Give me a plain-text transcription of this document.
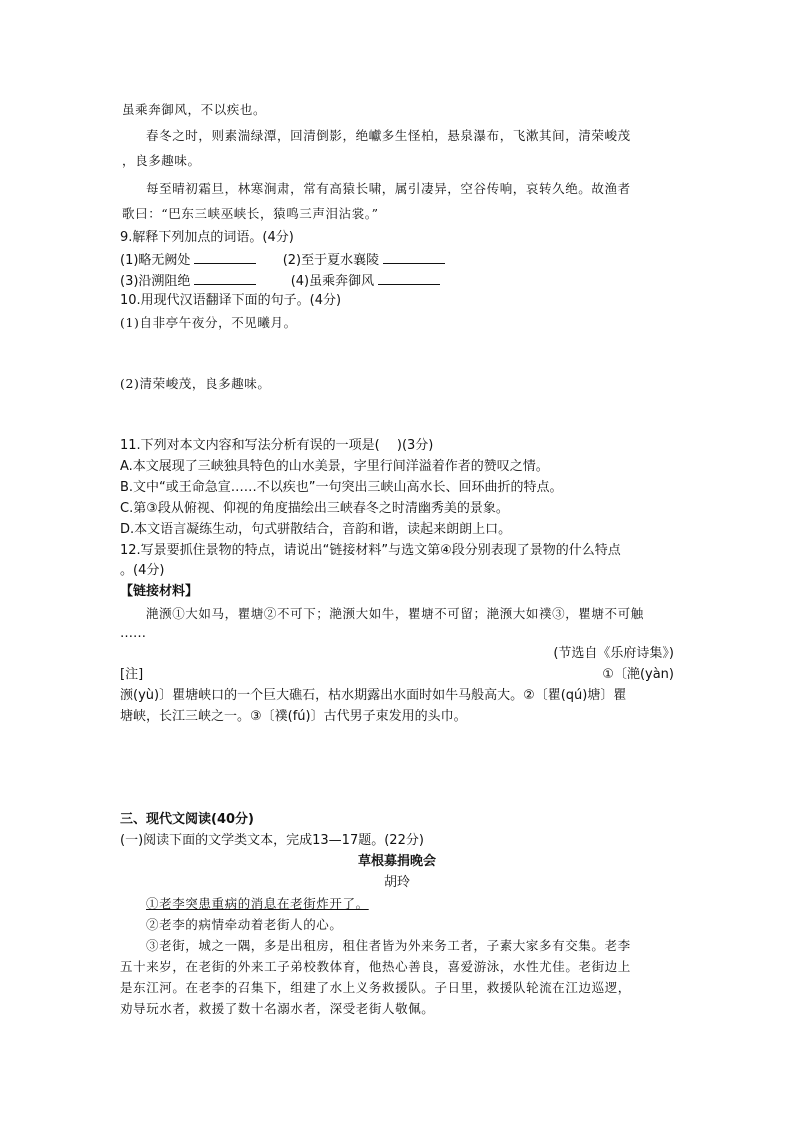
虽乘奔御风，不以疾也。
春冬之时，则素湍绿潭，回清倒影，绝巘多生怪柏，悬泉瀑布，飞漱其间，清荣峻茂
，良多趣味。
每至晴初霜旦，林寒涧肃，常有高猿长啸，属引凄异，空谷传响，哀转久绝。故渔者
歌曰：“巴东三峡巫峡长，猿鸣三声泪沾裳。”
9.解释下列加点的词语。(4分)
(1)略无阙处	(2)至于夏水襄陵
(3)沿溯阻绝	(4)虽乘奔御风
10.用现代汉语翻译下面的句子。(4分)
(1)自非亭午夜分，不见曦月。
(2)清荣峻茂，良多趣味。
11.下列对本文内容和写法分析有误的一项是(　 )(3分)
A.本文展现了三峡独具特色的山水美景，字里行间洋溢着作者的赞叹之情。
B.文中“或王命急宣……不以疾也”一句突出三峡山高水长、回环曲折的特点。
C.第③段从俯视、仰视的角度描绘出三峡春冬之时清幽秀美的景象。
D.本文语言凝练生动，句式骈散结合，音韵和谐，读起来朗朗上口。
12.写景要抓住景物的特点，请说出“链接材料”与选文第④段分别表现了景物的什么特点
。(4分)
【链接材料】
滟滪①大如马，瞿塘②不可下；滟滪大如牛，瞿塘不可留；滟滪大如襆③，瞿塘不可触
……
(节选自《乐府诗集》)
[注]	①〔滟(yàn)
滪(yù)〕瞿塘峡口的一个巨大礁石，枯水期露出水面时如牛马般高大。②〔瞿(qú)塘〕瞿
塘峡，长江三峡之一。③〔襆(fú)〕古代男子束发用的头巾。
三、现代文阅读(40分)
(一)阅读下面的文学类文本，完成13—17题。(22分)
草根募捐晚会
胡玲
①老李突患重病的消息在老街炸开了。
②老李的病情牵动着老街人的心。
③老街，城之一隅，多是出租房，租住者皆为外来务工者，子素大家多有交集。老李
五十来岁，在老街的外来工子弟校教体育，他热心善良，喜爱游泳，水性尤佳。老街边上
是东江河。在老李的召集下，组建了水上义务救援队。子日里，救援队轮流在江边巡逻，
劝导玩水者，救援了数十名溺水者，深受老街人敬佩。
